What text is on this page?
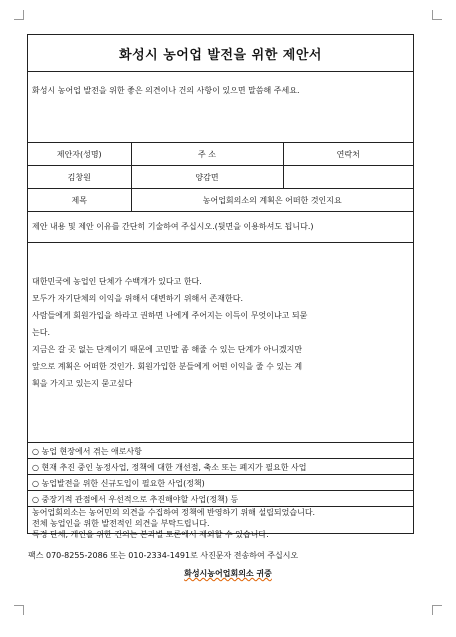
화성시 농어업 발전을 위한 제안서
화성시 농어업 발전을 위한 좋은 의견이나 건의 사항이 있으면 말씀해 주세요.
제안자(성명)	주 소	연락처
김창원	양감면	
제목	농어업회의소의 계획은 어떠한 것인지요	
제안 내용 및 제안 이유를 간단히 기술하여 주십시오.(뒷면을 이용하셔도 됩니다.)

대한민국에 농업인 단체가 수백개가 있다고 한다.

모두가 자기단체의 이익을 위해서 대변하기 위해서 존재한다.

사람들에게 회원가입을 하라고 권하면 나에게 주어지는 이득이 무엇이냐고 되묻

는다.

지금은 갈 곳 없는 단계이기 때문에 고민말 좀 해줄 수 있는 단계가 아니겠지만

앞으로 계획은 어떠한 것인가. 회원가입한 분들에게 어떤 이익을 줄 수 있는 계

획을 가지고 있는지 묻고싶다

○ 농업 현장에서 겪는 애로사항
○ 현재 추진 중인 농정사업, 정책에 대한 개선점, 축소 또는 폐지가 필요한 사업
○ 농업발전을 위한 신규도입이 필요한 사업(정책)
○ 중장기적 관점에서 우선적으로 추진해야할 사업(정책) 등

농어업회의소는 농어민의 의견을 수집하여 정책에 반영하기 위해 설립되었습니다.

전체 농업인을 위한 발전적인 의견을 부탁드립니다.

특정 단체, 개인을 위한 건의는 본과별 토론에서 제외할 수 있습니다.

팩스 070-8255-2086 또는 010-2334-1491로 사진문자 전송하여 주십시오
화성시농어업회의소 귀중
